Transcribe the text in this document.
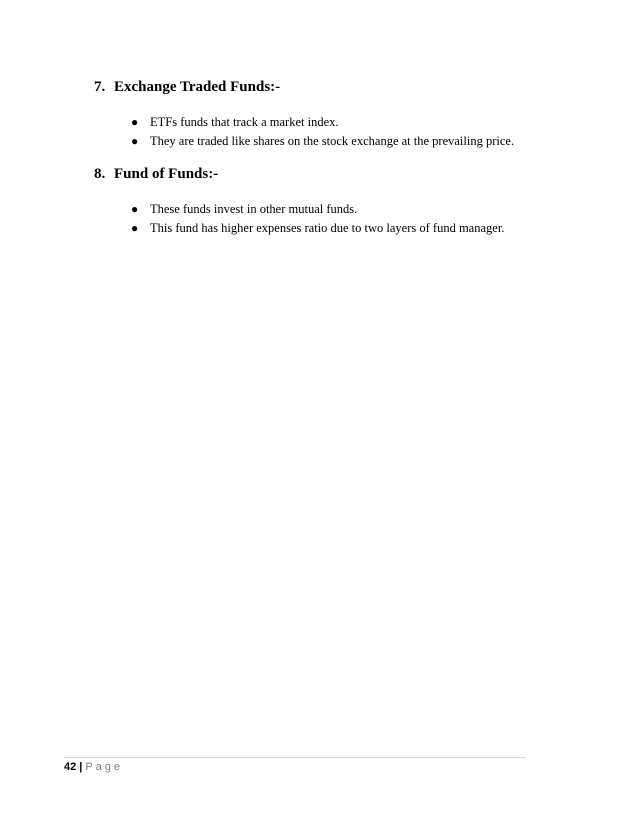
7. Exchange Traded Funds:-
● ETFs funds that track a market index.
● They are traded like shares on the stock exchange at the prevailing price.
8. Fund of Funds:-
● These funds invest in other mutual funds.
● This fund has higher expenses ratio due to two layers of fund manager.
42 | Page
